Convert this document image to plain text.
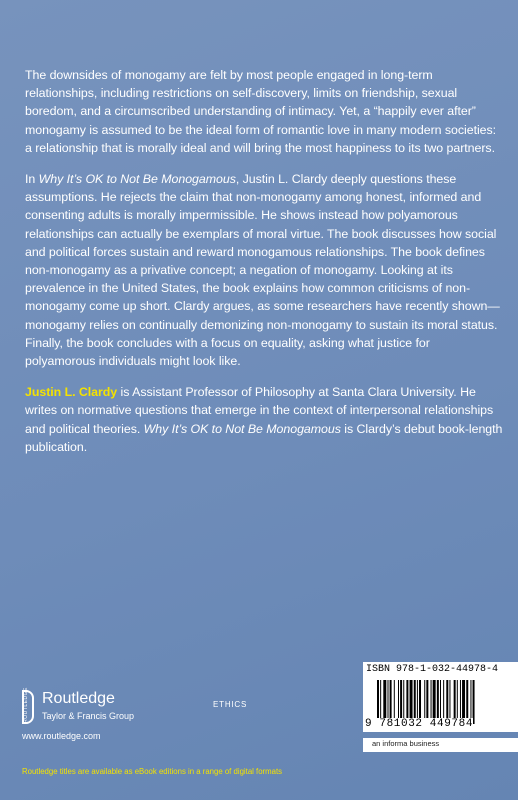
The downsides of monogamy are felt by most people engaged in long-term relationships, including restrictions on self-discovery, limits on friendship, sexual boredom, and a circumscribed understanding of intimacy. Yet, a “happily ever after” monogamy is assumed to be the ideal form of romantic love in many modern societies: a relationship that is morally ideal and will bring the most happiness to its two partners.

In Why It’s OK to Not Be Monogamous, Justin L. Clardy deeply questions these assumptions. He rejects the claim that non-monogamy among honest, informed and consenting adults is morally impermissible. He shows instead how polyamorous relationships can actually be exemplars of moral virtue. The book discusses how social and political forces sustain and reward monogamous relationships. The book defines non-monogamy as a privative concept; a negation of monogamy. Looking at its prevalence in the United States, the book explains how common criticisms of non-monogamy come up short. Clardy argues, as some researchers have recently shown—monogamy relies on continually demonizing non-monogamy to sustain its moral status. Finally, the book concludes with a focus on equality, asking what justice for polyamorous individuals might look like.

Justin L. Clardy is Assistant Professor of Philosophy at Santa Clara University. He writes on normative questions that emerge in the context of interpersonal relationships and political theories. Why It’s OK to Not Be Monogamous is Clardy’s debut book-length publication.

ROUTLEDGE Routledge
Taylor & Francis Group
www.routledge.com
ETHICS
ISBN 978-1-032-44978-4
9 781032 449784
an informa business
Routledge titles are available as eBook editions in a range of digital formats
